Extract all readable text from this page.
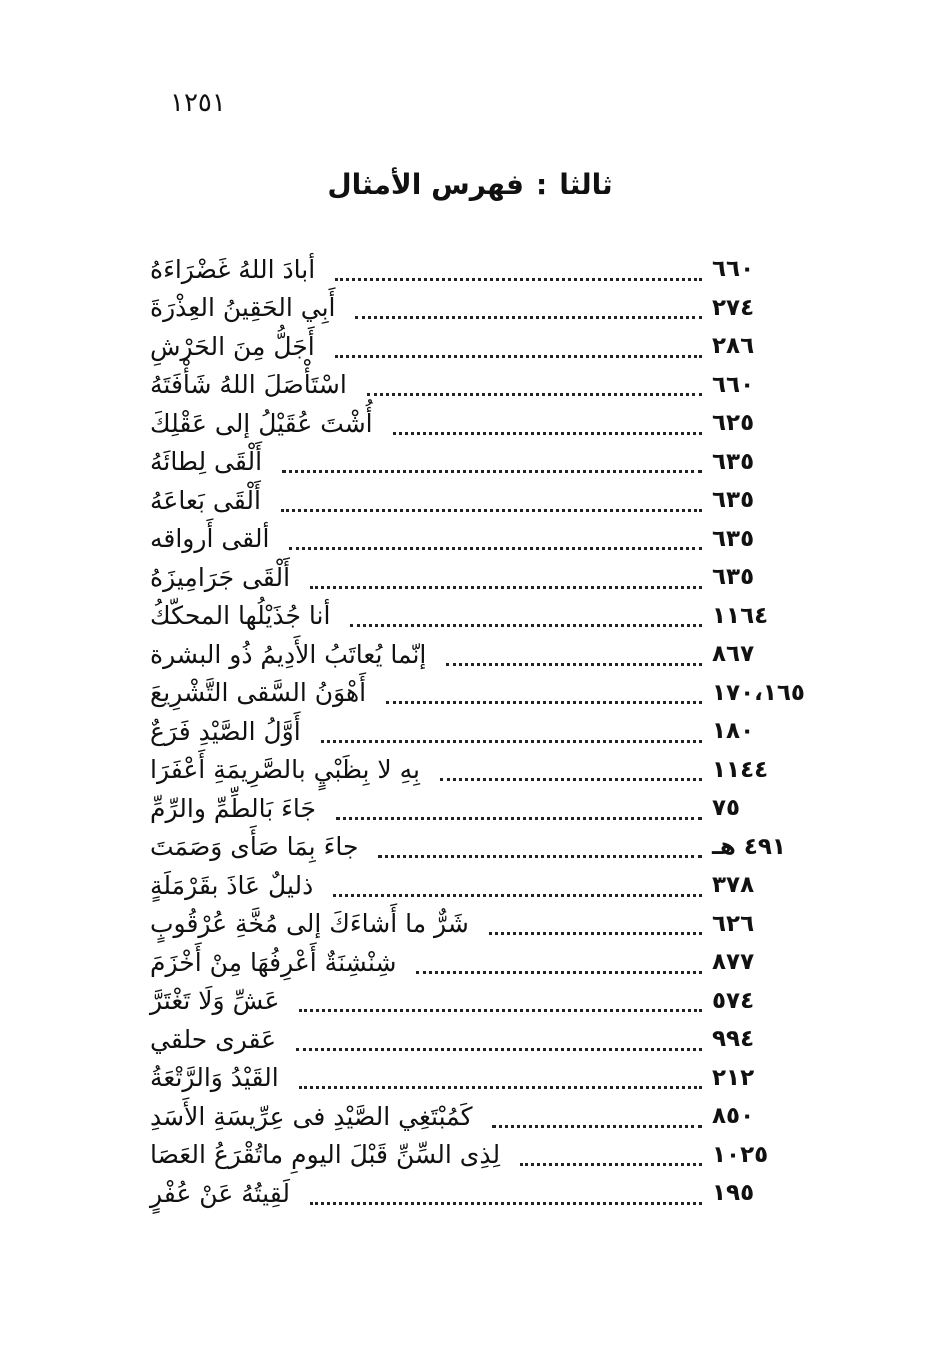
١٢٥١
ثالثا:فهرس الأمثال
أبادَ اللهُ غَضْرَاءَهُ	٦٦٠
أَبِي الحَقِينُ العِذْرَةَ	٢٧٤
أَجَلُّ مِنَ الحَرْشِ	٢٨٦
اسْتَأْصَلَ اللهُ شَأْفَتَهُ	٦٦٠
أُشْتَ عُقَيْلُ إلى عَقْلِكَ	٦٢٥
أَلْقَى لِطائَهُ	٦٣٥
أَلْقَى بَعاعَهُ	٦٣٥
ألقى أَرواقه	٦٣٥
أَلْقَى جَرَامِيزَهُ	٦٣٥
أنا جُذَيْلُها المحكّكُ	١١٦٤
إنّما يُعاتَبُ الأَدِيمُ ذُو البشرة	٨٦٧
أَهْوَنُ السَّقى التَّشْرِيعَ	١٧٠،١٦٥
أَوَّلُ الصَّيْدِ فَرَعٌ	١٨٠
بِهِ لا بِظَبْيٍ بالصَّرِيمَةِ أَعْفَرَا	١١٤٤
جَاءَ بَالطِّمِّ والرِّمِّ	٧٥
جاءَ بِمَا صَأَى وَصَمَتَ	٤٩١ هـ
ذليلٌ عَاذَ بقَرْمَلَةٍ	٣٧٨
شَرٌّ ما أَشاءَكَ إلى مُخَّةِ عُرْقُوبٍ	٦٢٦
شِنْشِنَةٌ أَعْرِفُهَا مِنْ أَخْزَمَ	٨٧٧
عَشِّ وَلَا تَغْتَرَّ	٥٧٤
عَقرى حلقي	٩٩٤
القَيْدُ وَالرَّتْعَةُ	٢١٢
كَمُبْتَغِي الصَّيْدِ فى عِرِّيسَةِ الأَسَدِ	٨٥٠
لِذِى السِّنِّ قَبْلَ اليومِ ماتُقْرَعُ العَصَا	١٠٢٥
لَقِيتُهُ عَنْ عُفْرٍ	١٩٥
